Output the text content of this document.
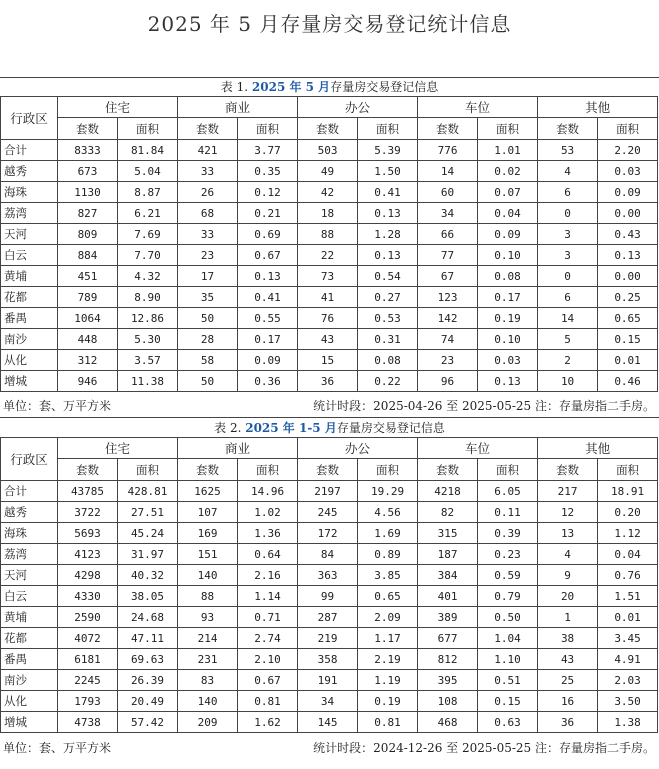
2025 年 5 月存量房交易登记统计信息
表 1. 2025 年 5 月存量房交易登记信息
行政区	住宅		商业		办公		车位		其他	
	套数	面积	套数	面积	套数	面积	套数	面积	套数	面积
合计	8333	81.84	421	3.77	503	5.39	776	1.01	53	2.20
越秀	673	5.04	33	0.35	49	1.50	14	0.02	4	0.03
海珠	1130	8.87	26	0.12	42	0.41	60	0.07	6	0.09
荔湾	827	6.21	68	0.21	18	0.13	34	0.04	0	0.00
天河	809	7.69	33	0.69	88	1.28	66	0.09	3	0.43
白云	884	7.70	23	0.67	22	0.13	77	0.10	3	0.13
黄埔	451	4.32	17	0.13	73	0.54	67	0.08	0	0.00
花都	789	8.90	35	0.41	41	0.27	123	0.17	6	0.25
番禺	1064	12.86	50	0.55	76	0.53	142	0.19	14	0.65
南沙	448	5.30	28	0.17	43	0.31	74	0.10	5	0.15
从化	312	3.57	58	0.09	15	0.08	23	0.03	2	0.01
增城	946	11.38	50	0.36	36	0.22	96	0.13	10	0.46
单位：套、万平方米	统计时段：2025-04-26 至 2025-05-25 注：存量房指二手房。
表 2. 2025 年 1-5 月存量房交易登记信息
行政区	住宅		商业		办公		车位		其他	
	套数	面积	套数	面积	套数	面积	套数	面积	套数	面积
合计	43785	428.81	1625	14.96	2197	19.29	4218	6.05	217	18.91
越秀	3722	27.51	107	1.02	245	4.56	82	0.11	12	0.20
海珠	5693	45.24	169	1.36	172	1.69	315	0.39	13	1.12
荔湾	4123	31.97	151	0.64	84	0.89	187	0.23	4	0.04
天河	4298	40.32	140	2.16	363	3.85	384	0.59	9	0.76
白云	4330	38.05	88	1.14	99	0.65	401	0.79	20	1.51
黄埔	2590	24.68	93	0.71	287	2.09	389	0.50	1	0.01
花都	4072	47.11	214	2.74	219	1.17	677	1.04	38	3.45
番禺	6181	69.63	231	2.10	358	2.19	812	1.10	43	4.91
南沙	2245	26.39	83	0.67	191	1.19	395	0.51	25	2.03
从化	1793	20.49	140	0.81	34	0.19	108	0.15	16	3.50
增城	4738	57.42	209	1.62	145	0.81	468	0.63	36	1.38
单位：套、万平方米	统计时段：2024-12-26 至 2025-05-25 注：存量房指二手房。
